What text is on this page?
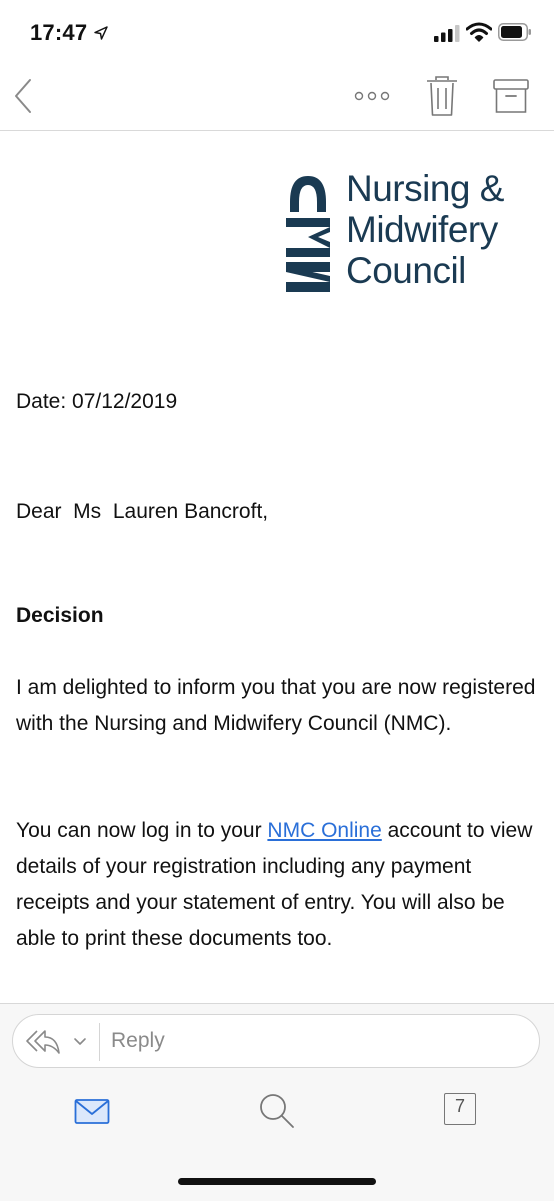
17:47
Nursing &
Midwifery
Council
Date: 07/12/2019
Dear  Ms  Lauren Bancroft,
Decision
I am delighted to inform you that you are now registered with the Nursing and Midwifery Council (NMC).
You can now log in to your NMC Online account to view details of your registration including any payment receipts and your statement of entry. You will also be able to print these documents too.
Reply
7
